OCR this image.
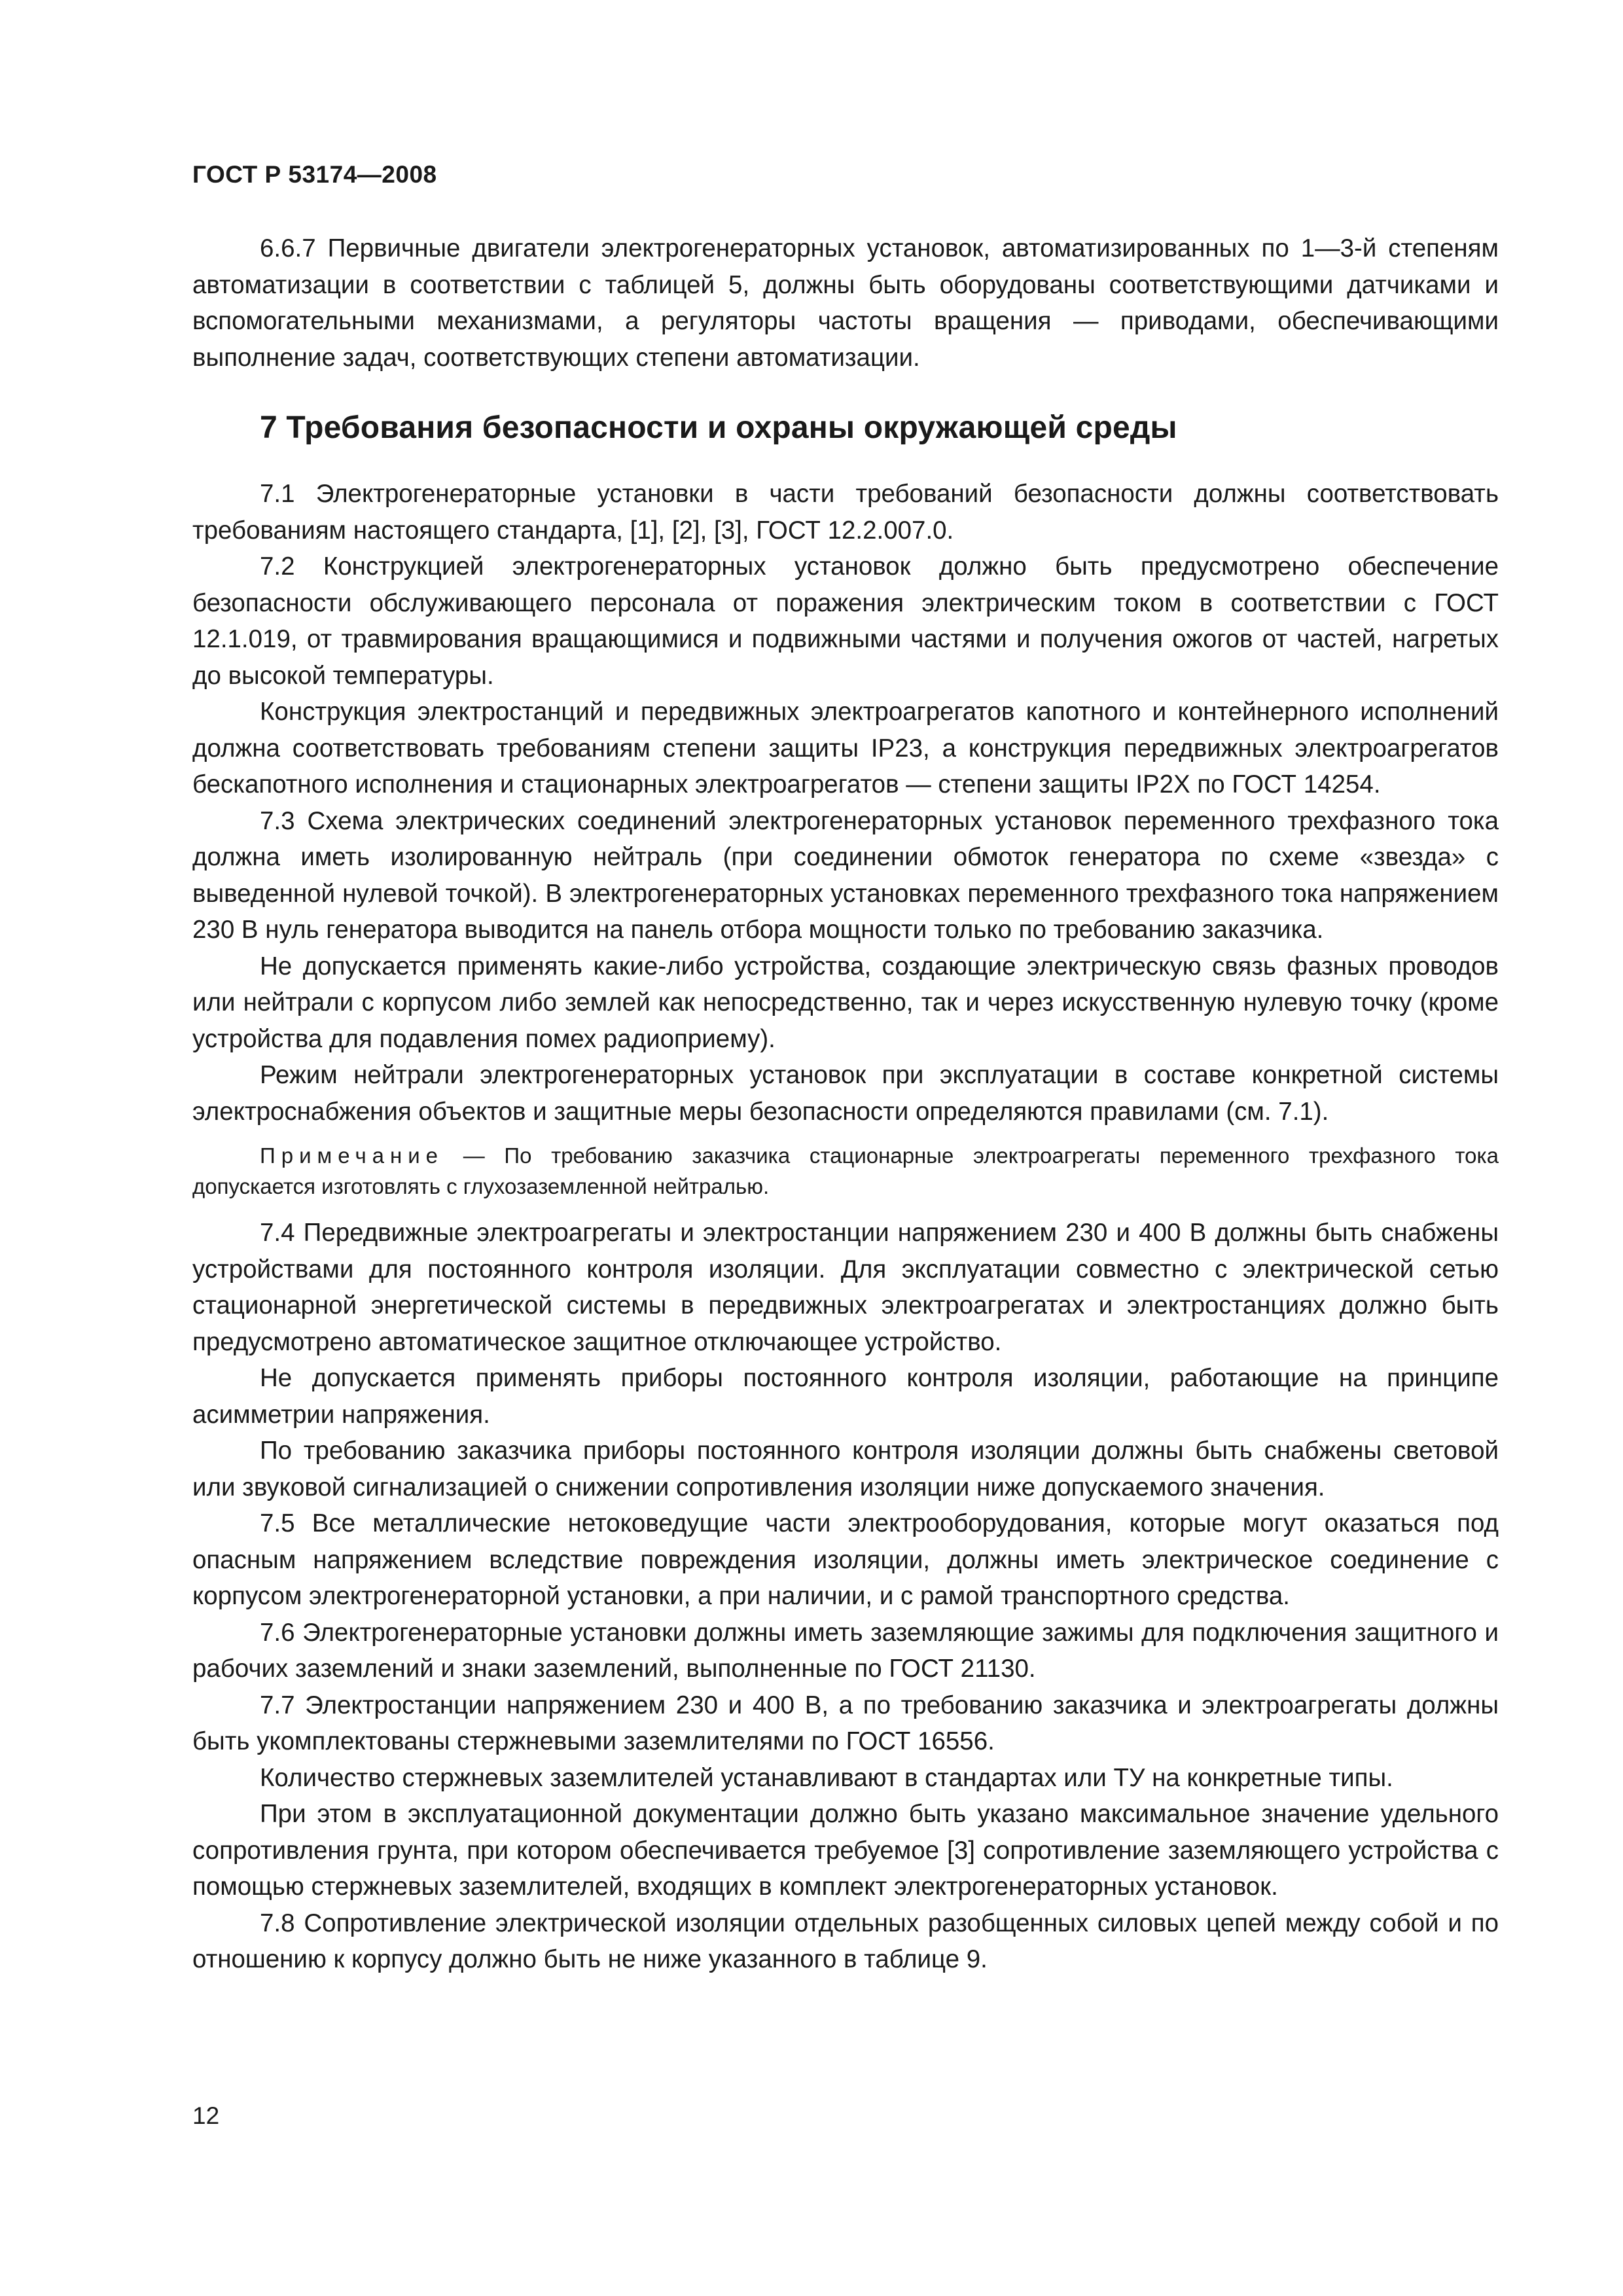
ГОСТ Р 53174—2008

6.6.7 Первичные двигатели электрогенераторных установок, автоматизированных по 1—3-й степеням автоматизации в соответствии с таблицей 5, должны быть оборудованы соответствующими датчиками и вспомогательными механизмами, а регуляторы частоты вращения — приводами, обеспечивающими выполнение задач, соответствующих степени автоматизации.

7 Требования безопасности и охраны окружающей среды

7.1 Электрогенераторные установки в части требований безопасности должны соответствовать требованиям настоящего стандарта, [1], [2], [3], ГОСТ 12.2.007.0.

7.2 Конструкцией электрогенераторных установок должно быть предусмотрено обеспечение безопасности обслуживающего персонала от поражения электрическим током в соответствии с ГОСТ 12.1.019, от травмирования вращающимися и подвижными частями и получения ожогов от частей, нагретых до высокой температуры.

Конструкция электростанций и передвижных электроагрегатов капотного и контейнерного исполнений должна соответствовать требованиям степени защиты IP23, а конструкция передвижных электроагрегатов бескапотного исполнения и стационарных электроагрегатов — степени защиты IP2X по ГОСТ 14254.

7.3 Схема электрических соединений электрогенераторных установок переменного трехфазного тока должна иметь изолированную нейтраль (при соединении обмоток генератора по схеме «звезда» с выведенной нулевой точкой). В электрогенераторных установках переменного трехфазного тока напряжением 230 В нуль генератора выводится на панель отбора мощности только по требованию заказчика.

Не допускается применять какие-либо устройства, создающие электрическую связь фазных проводов или нейтрали с корпусом либо землей как непосредственно, так и через искусственную нулевую точку (кроме устройства для подавления помех радиоприему).

Режим нейтрали электрогенераторных установок при эксплуатации в составе конкретной системы электроснабжения объектов и защитные меры безопасности определяются правилами (см. 7.1).

Примечание — По требованию заказчика стационарные электроагрегаты переменного трехфазного тока допускается изготовлять с глухозаземленной нейтралью.

7.4 Передвижные электроагрегаты и электростанции напряжением 230 и 400 В должны быть снабжены устройствами для постоянного контроля изоляции. Для эксплуатации совместно с электрической сетью стационарной энергетической системы в передвижных электроагрегатах и электростанциях должно быть предусмотрено автоматическое защитное отключающее устройство.

Не допускается применять приборы постоянного контроля изоляции, работающие на принципе асимметрии напряжения.

По требованию заказчика приборы постоянного контроля изоляции должны быть снабжены световой или звуковой сигнализацией о снижении сопротивления изоляции ниже допускаемого значения.

7.5 Все металлические нетоковедущие части электрооборудования, которые могут оказаться под опасным напряжением вследствие повреждения изоляции, должны иметь электрическое соединение с корпусом электрогенераторной установки, а при наличии, и с рамой транспортного средства.

7.6 Электрогенераторные установки должны иметь заземляющие зажимы для подключения защитного и рабочих заземлений и знаки заземлений, выполненные по ГОСТ 21130.

7.7 Электростанции напряжением 230 и 400 В, а по требованию заказчика и электроагрегаты должны быть укомплектованы стержневыми заземлителями по ГОСТ 16556.

Количество стержневых заземлителей устанавливают в стандартах или ТУ на конкретные типы.

При этом в эксплуатационной документации должно быть указано максимальное значение удельного сопротивления грунта, при котором обеспечивается требуемое [3] сопротивление заземляющего устройства с помощью стержневых заземлителей, входящих в комплект электрогенераторных установок.

7.8 Сопротивление электрической изоляции отдельных разобщенных силовых цепей между собой и по отношению к корпусу должно быть не ниже указанного в таблице 9.

12
